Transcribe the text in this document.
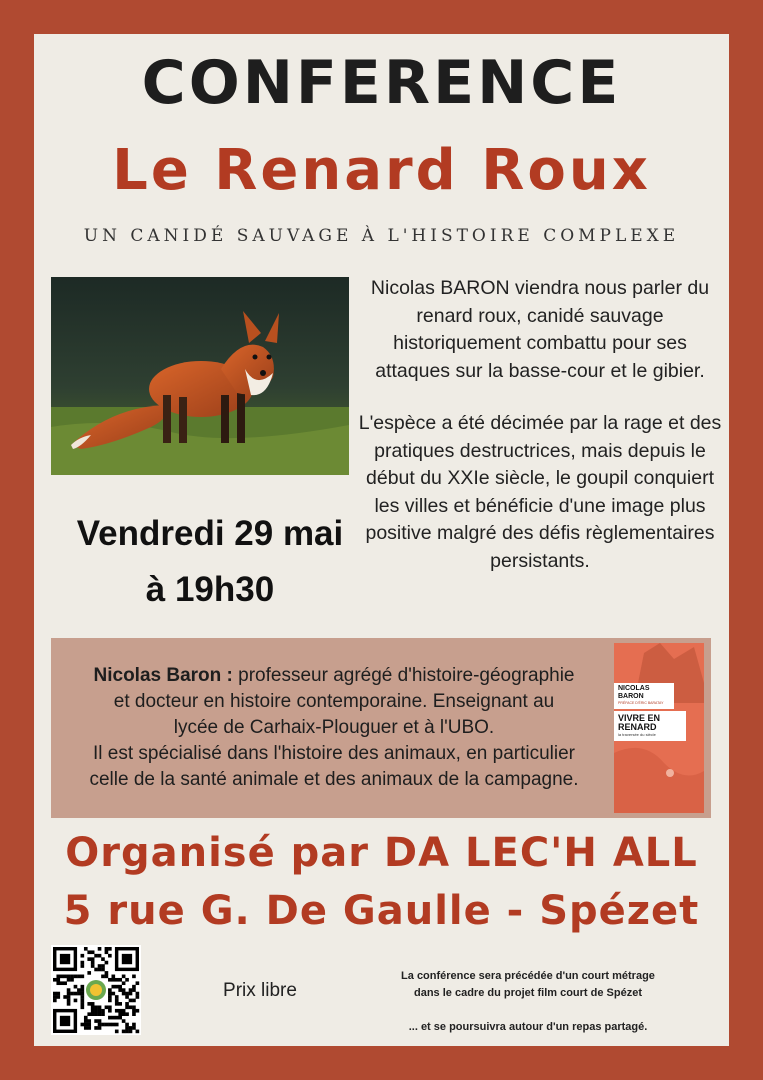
CONFERENCE
Le Renard Roux
UN CANIDÉ SAUVAGE À L'HISTOIRE COMPLEXE

Nicolas BARON viendra nous parler du renard roux, canidé sauvage historiquement combattu pour ses attaques sur la basse-cour et le gibier.

L'espèce a été décimée par la rage et des pratiques destructrices, mais depuis le début du XXIe siècle, le goupil conquiert les villes et bénéficie d'une image plus positive malgré des défis règlementaires persistants.

Vendredi 29 mai
à 19h30
Nicolas Baron : professeur agrégé d'histoire-géographie
et docteur en histoire contemporaine. Enseignant au
lycée de Carhaix-Plouguer et à l'UBO.
Il est spécialisé dans l'histoire des animaux, en particulier
celle de la santé animale et des animaux de la campagne.
NICOLAS
BARON
PRÉFACE D'ÉRIC BARATAY
VIVRE EN
RENARD
la traversée du siècle
Organisé par DA LEC'H ALL
5 rue G. De Gaulle - Spézet
Prix libre
La conférence sera précédée d'un court métrage
dans le cadre du projet film court de Spézet
... et se poursuivra autour d'un repas partagé.
